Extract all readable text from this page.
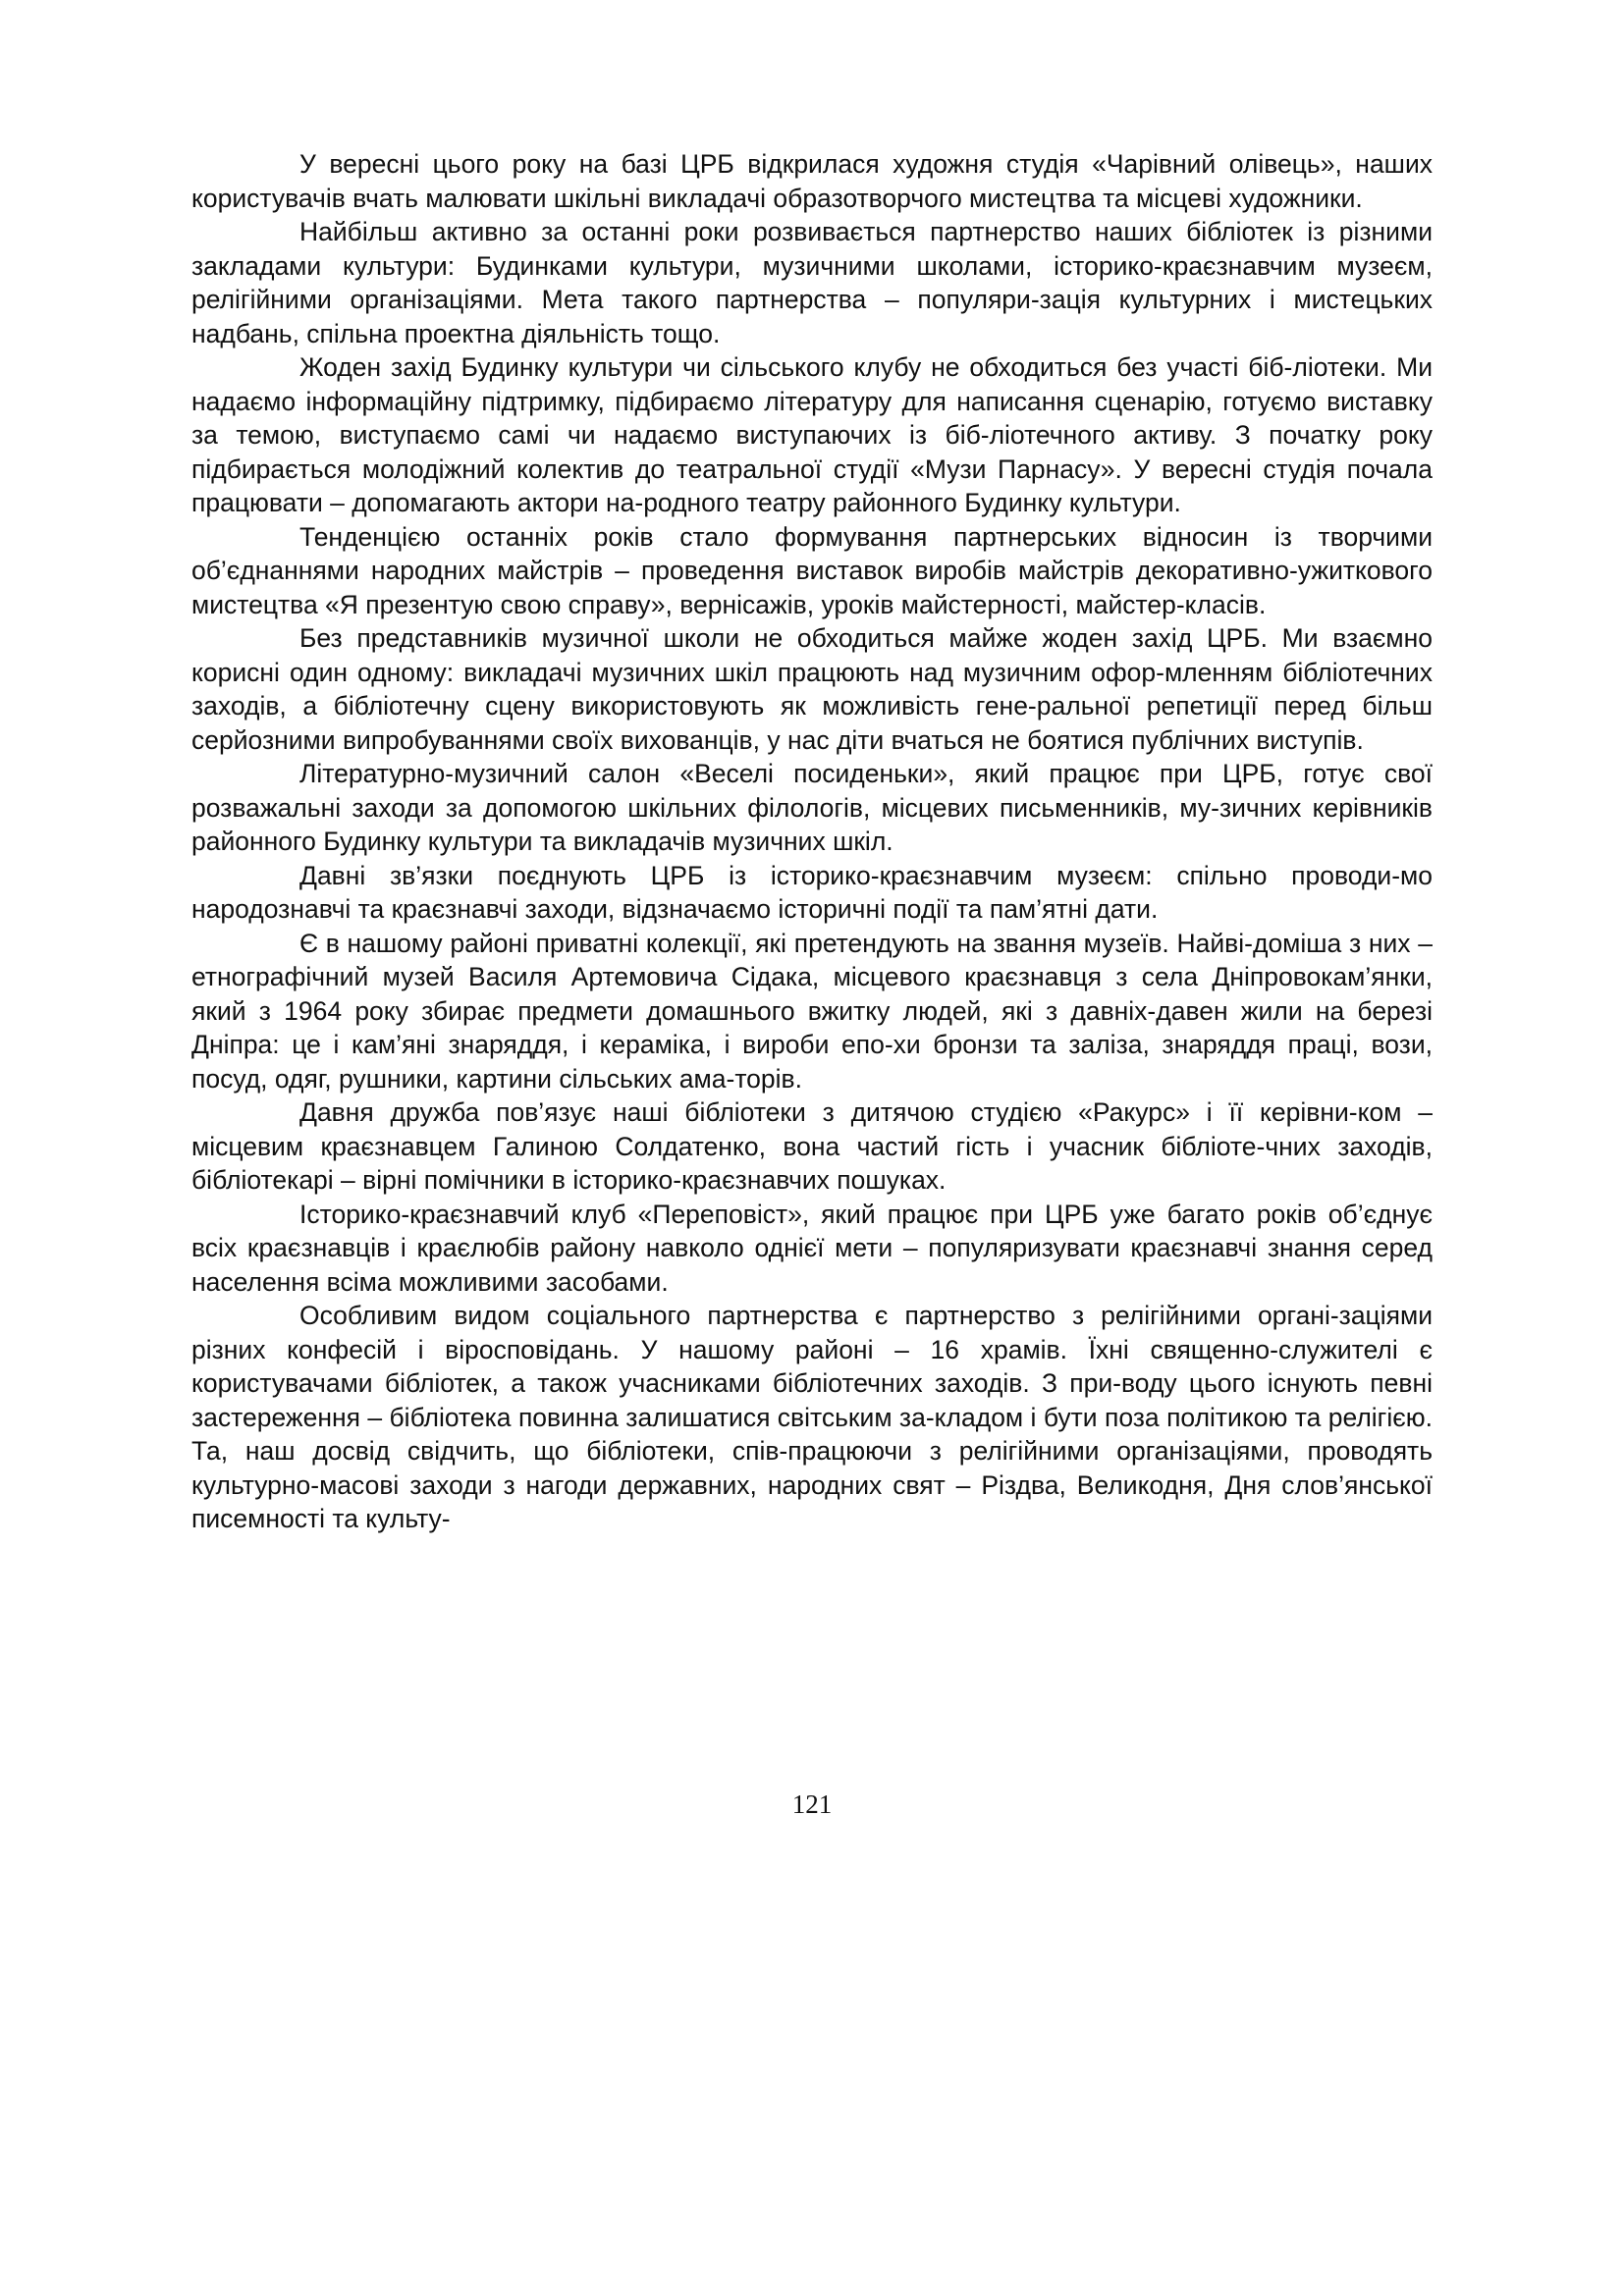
У вересні цього року на базі ЦРБ відкрилася художня студія «Чарівний олівець», наших користувачів вчать малювати шкільні викладачі образотворчого мистецтва та місцеві художники.

Найбільш активно за останні роки розвивається партнерство наших бібліотек із різними закладами культури: Будинками культури, музичними школами, історико-краєзнавчим музеєм, релігійними організаціями. Мета такого партнерства – популяри-зація культурних і мистецьких надбань, спільна проектна діяльність тощо.

Жоден захід Будинку культури чи сільського клубу не обходиться без участі біб-ліотеки. Ми надаємо інформаційну підтримку, підбираємо літературу для написання сценарію, готуємо виставку за темою, виступаємо самі чи надаємо виступаючих із біб-ліотечного активу. З початку року підбирається молодіжний колектив до театральної студії «Музи Парнасу». У вересні студія почала працювати – допомагають актори на-родного театру районного Будинку культури.

Тенденцією останніх років стало формування партнерських відносин із творчими об’єднаннями народних майстрів – проведення виставок виробів майстрів декоративно-ужиткового мистецтва «Я презентую свою справу», вернісажів, уроків майстерності, майстер-класів.

Без представників музичної школи не обходиться майже жоден захід ЦРБ. Ми взаємно корисні один одному: викладачі музичних шкіл працюють над музичним офор-мленням бібліотечних заходів, а бібліотечну сцену використовують як можливість гене-ральної репетиції перед більш серйозними випробуваннями своїх вихованців, у нас діти вчаться не боятися публічних виступів.

Літературно-музичний салон «Веселі посиденьки», який працює при ЦРБ, готує свої розважальні заходи за допомогою шкільних філологів, місцевих письменників, му-зичних керівників районного Будинку культури та викладачів музичних шкіл.

Давні зв’язки поєднують ЦРБ із історико-краєзнавчим музеєм: спільно проводи-мо народознавчі та краєзнавчі заходи, відзначаємо історичні події та пам’ятні дати.

Є в нашому районі приватні колекції, які претендують на звання музеїв. Найві-доміша з них – етнографічний музей Василя Артемовича Сідака, місцевого краєзнавця з села Дніпровокам’янки, який з 1964 року збирає предмети домашнього вжитку людей, які з давніх-давен жили на березі Дніпра: це і кам’яні знаряддя, і кераміка, і вироби епо-хи бронзи та заліза, знаряддя праці, вози, посуд, одяг, рушники, картини сільських ама-торів.

Давня дружба пов’язує наші бібліотеки з дитячою студією «Ракурс» і її керівни-ком – місцевим краєзнавцем Галиною Солдатенко, вона частий гість і учасник бібліоте-чних заходів, бібліотекарі – вірні помічники в історико-краєзнавчих пошуках.

Історико-краєзнавчий клуб «Переповіст», який працює при ЦРБ уже багато років об’єднує всіх краєзнавців і краєлюбів району навколо однієї мети – популяризувати краєзнавчі знання серед населення всіма можливими засобами.

Особливим видом соціального партнерства є партнерство з релігійними органі-заціями різних конфесій і віросповідань. У нашому районі – 16 храмів. Їхні священно-служителі є користувачами бібліотек, а також учасниками бібліотечних заходів. З при-воду цього існують певні застереження – бібліотека повинна залишатися світським за-кладом і бути поза політикою та релігією. Та, наш досвід свідчить, що бібліотеки, спів-працюючи з релігійними організаціями, проводять культурно-масові заходи з нагоди державних, народних свят – Різдва, Великодня, Дня слов’янської писемності та культу-

121
